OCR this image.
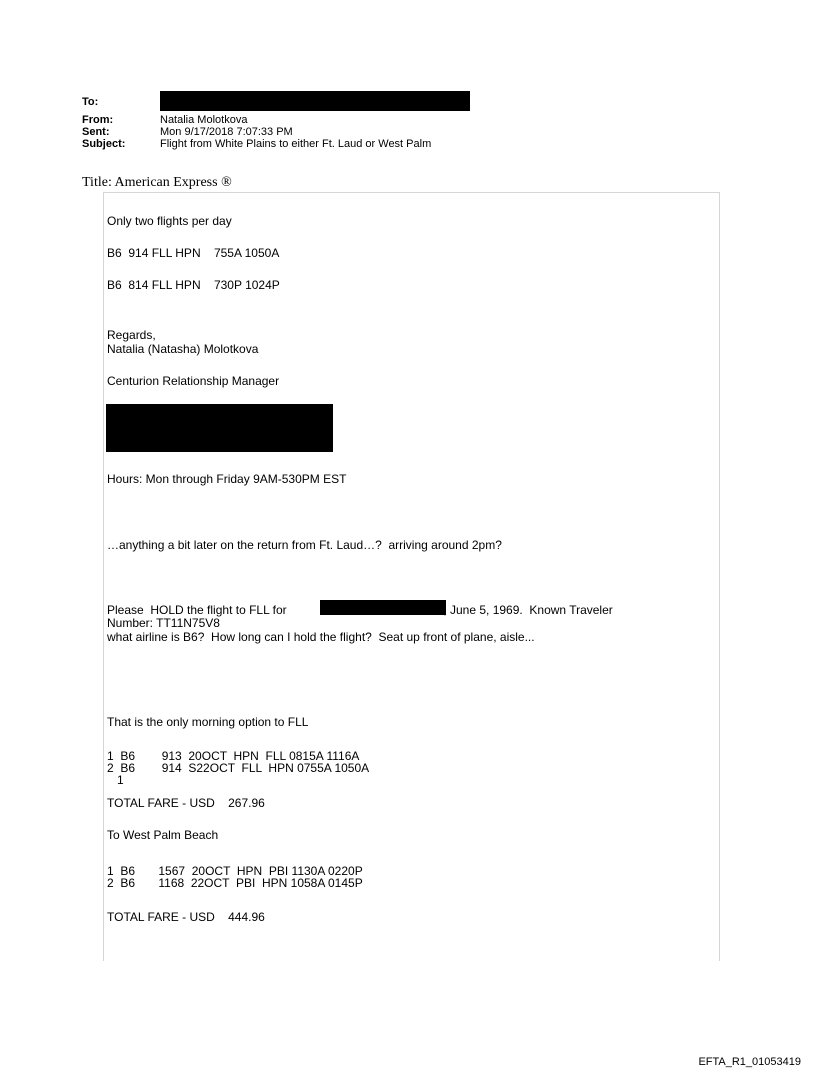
To:
From:	Natalia Molotkova
Sent:	Mon 9/17/2018 7:07:33 PM
Subject:	Flight from White Plains to either Ft. Laud or West Palm
Title: American Express ®
Only two flights per day
B6  914 FLL HPN    755A 1050A
B6  814 FLL HPN    730P 1024P
Regards,
Natalia (Natasha) Molotkova
Centurion Relationship Manager
Hours: Mon through Friday 9AM-530PM EST
…anything a bit later on the return from Ft. Laud…?  arriving around 2pm?
Please  HOLD the flight to FLL for	f, June 5, 1969.  Known Traveler
Number: TT11N75V8
what airline is B6?  How long can I hold the flight?  Seat up front of plane, aisle...
That is the only morning option to FLL
1  B6        913  20OCT  HPN  FLL 0815A 1116A
2  B6        914  S22OCT  FLL  HPN 0755A 1050A
1
TOTAL FARE - USD    267.96
To West Palm Beach
1  B6       1567  20OCT  HPN  PBI 1130A 0220P
2  B6       1168  22OCT  PBI  HPN 1058A 0145P
TOTAL FARE - USD    444.96
EFTA_R1_01053419
